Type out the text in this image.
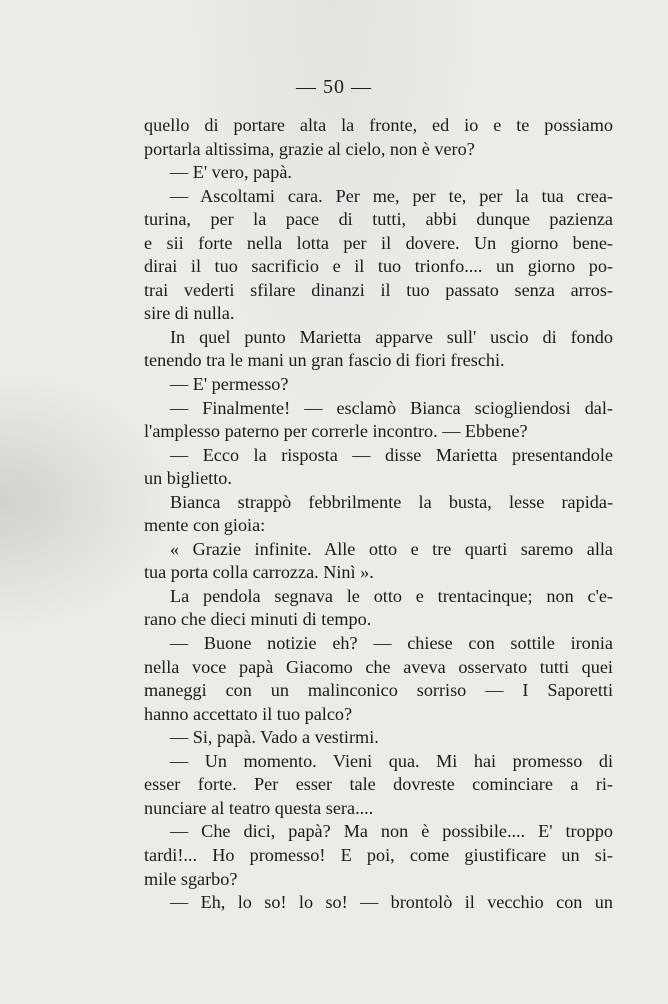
— 50 —
quello di portare alta la fronte, ed io e te possiamo
portarla altissima, grazie al cielo, non è vero?
— E' vero, papà.
— Ascoltami cara. Per me, per te, per la tua crea-
turina, per la pace di tutti, abbi dunque pazienza
e sii forte nella lotta per il dovere. Un giorno bene-
dirai il tuo sacrificio e il tuo trionfo.... un giorno po-
trai vederti sfilare dinanzi il tuo passato senza arros-
sire di nulla.
In quel punto Marietta apparve sull' uscio di fondo
tenendo tra le mani un gran fascio di fiori freschi.
— E' permesso?
— Finalmente! — esclamò Bianca sciogliendosi dal-
l'amplesso paterno per correrle incontro. — Ebbene?
— Ecco la risposta — disse Marietta presentandole
un biglietto.
Bianca strappò febbrilmente la busta, lesse rapida-
mente con gioia:
« Grazie infinite. Alle otto e tre quarti saremo alla
tua porta colla carrozza. Ninì ».
La pendola segnava le otto e trentacinque; non c'e-
rano che dieci minuti di tempo.
— Buone notizie eh? — chiese con sottile ironia
nella voce papà Giacomo che aveva osservato tutti quei
maneggi con un malinconico sorriso — I Saporetti
hanno accettato il tuo palco?
— Si, papà. Vado a vestirmi.
— Un momento. Vieni qua. Mi hai promesso di
esser forte. Per esser tale dovreste cominciare a ri-
nunciare al teatro questa sera....
— Che dici, papà? Ma non è possibile.... E' troppo
tardi!... Ho promesso! E poi, come giustificare un si-
mile sgarbo?
— Eh, lo so! lo so! — brontolò il vecchio con un
